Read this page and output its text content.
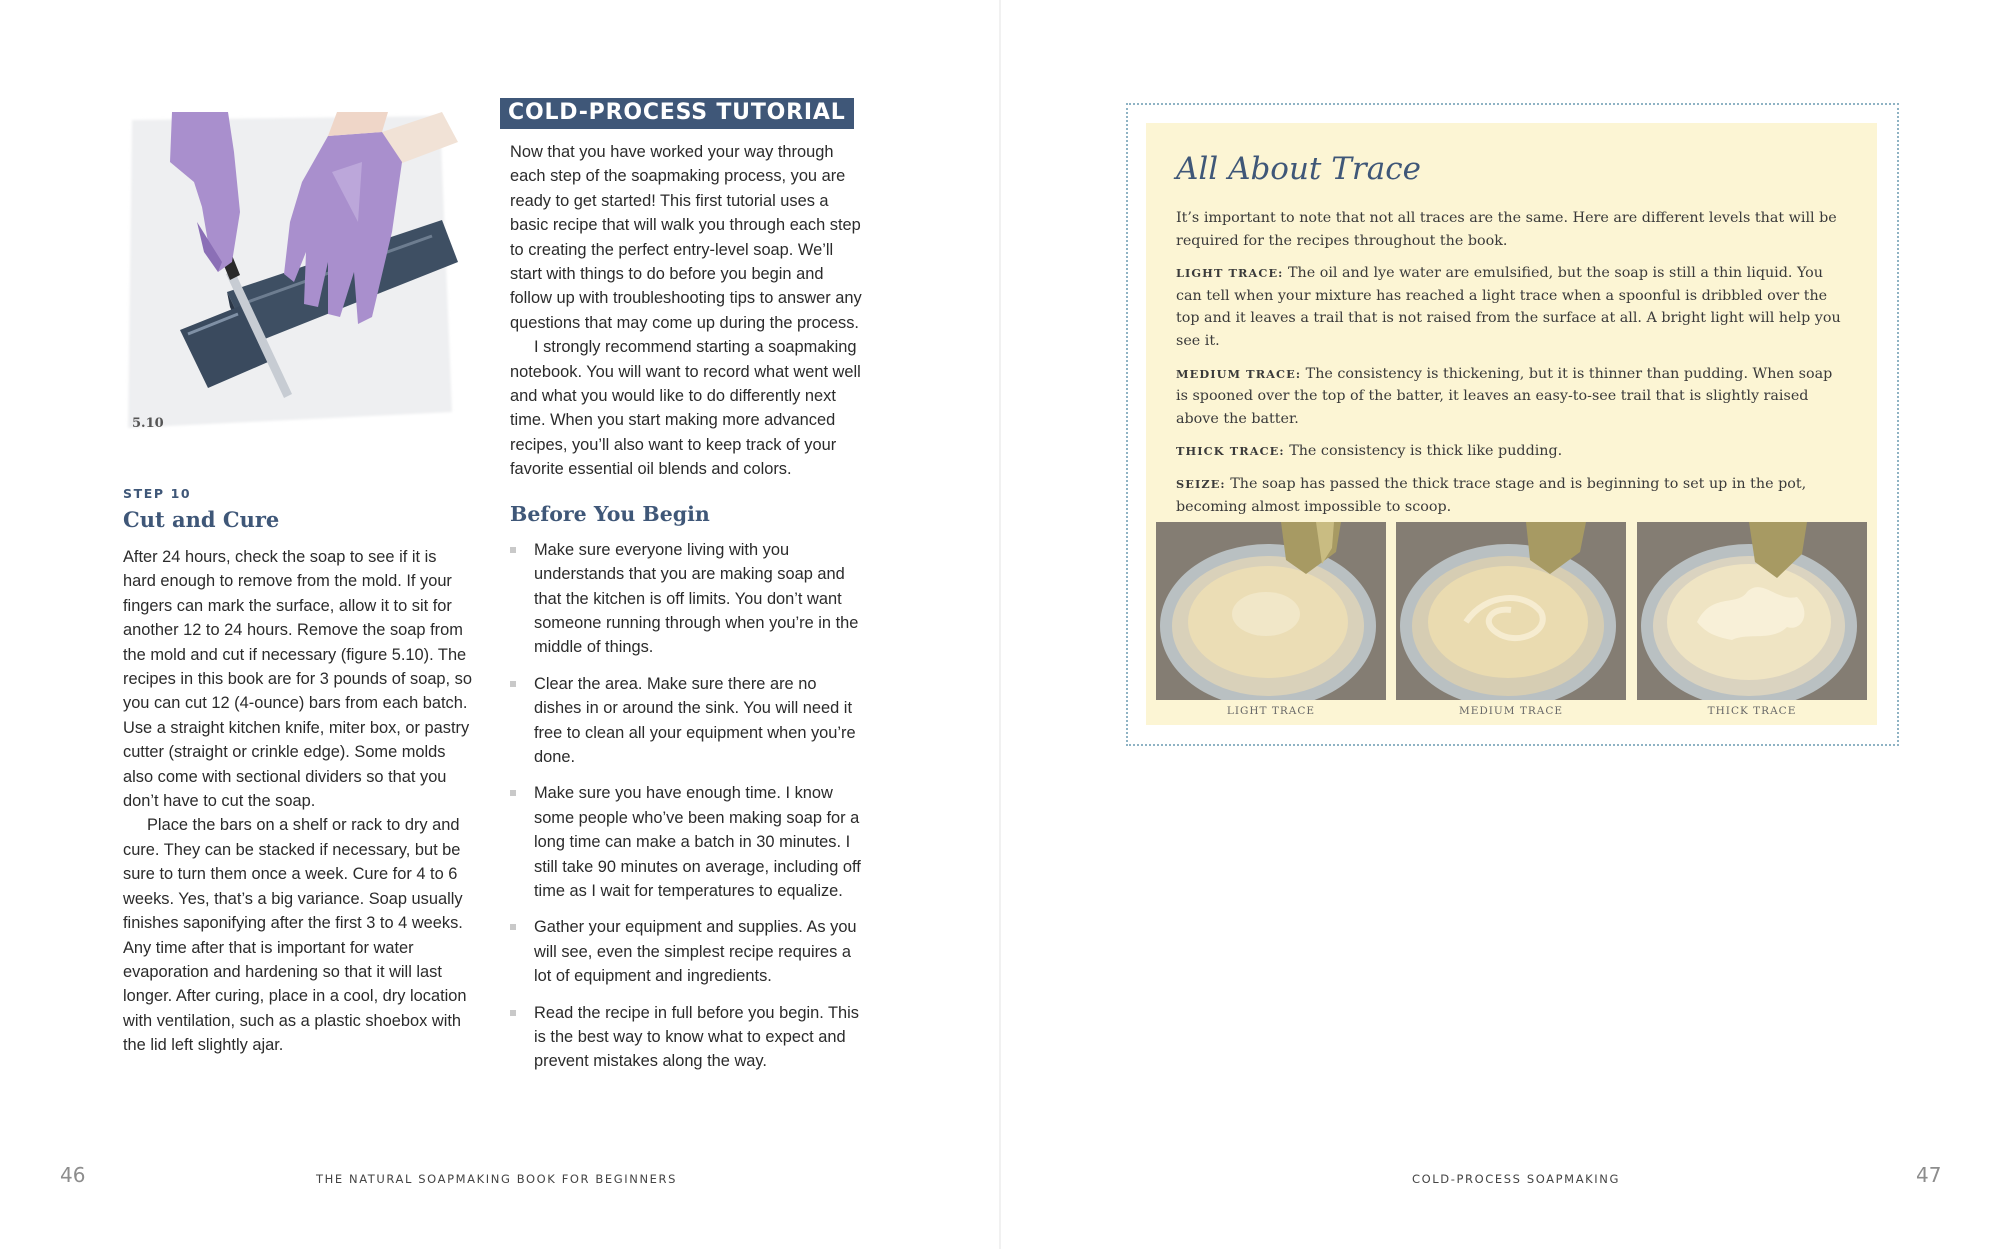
5.10
STEP 10
Cut and Cure

After 24 hours, check the soap to see if it is hard enough to remove from the mold. If your fingers can mark the surface, allow it to sit for another 12 to 24 hours. Remove the soap from the mold and cut if necessary (figure 5.10). The recipes in this book are for 3 pounds of soap, so you can cut 12 (4-ounce) bars from each batch. Use a straight kitchen knife, miter box, or pastry cutter (straight or crinkle edge). Some molds also come with sectional dividers so that you don’t have to cut the soap.

Place the bars on a shelf or rack to dry and cure. They can be stacked if necessary, but be sure to turn them once a week. Cure for 4 to 6 weeks. Yes, that’s a big variance. Soap usually finishes saponifying after the first 3 to 4 weeks. Any time after that is important for water evaporation and hardening so that it will last longer. After curing, place in a cool, dry location with ventilation, such as a plastic shoebox with the lid left slightly ajar.

COLD-PROCESS TUTORIAL

Now that you have worked your way through each step of the soapmaking process, you are ready to get started! This first tutorial uses a basic recipe that will walk you through each step to creating the perfect entry-level soap. We’ll start with things to do before you begin and follow up with troubleshooting tips to answer any questions that may come up during the process.

I strongly recommend starting a soapmaking notebook. You will want to record what went well and what you would like to do differently next time. When you start making more advanced recipes, you’ll also want to keep track of your favorite essential oil blends and colors.

Before You Begin
Make sure everyone living with you understands that you are making soap and that the kitchen is off limits. You don’t want someone running through when you’re in the middle of things.
Clear the area. Make sure there are no dishes in or around the sink. You will need it free to clean all your equipment when you’re done.
Make sure you have enough time. I know some people who’ve been making soap for a long time can make a batch in 30 minutes. I still take 90 minutes on average, including off time as I wait for temperatures to equalize.
Gather your equipment and supplies. As you will see, even the simplest recipe requires a lot of equipment and ingredients.
Read the recipe in full before you begin. This is the best way to know what to expect and prevent mistakes along the way.
46	THE NATURAL SOAPMAKING BOOK FOR BEGINNERS	COLD-PROCESS SOAPMAKING	47
All About Trace

It’s important to note that not all traces are the same. Here are different levels that will be required for the recipes throughout the book.

LIGHT TRACE: The oil and lye water are emulsified, but the soap is still a thin liquid. You can tell when your mixture has reached a light trace when a spoonful is dribbled over the top and it leaves a trail that is not raised from the surface at all. A bright light will help you see it.

MEDIUM TRACE: The consistency is thickening, but it is thinner than pudding. When soap is spooned over the top of the batter, it leaves an easy-to-see trail that is slightly raised above the batter.

THICK TRACE: The consistency is thick like pudding.

SEIZE: The soap has passed the thick trace stage and is beginning to set up in the pot, becoming almost impossible to scoop.

LIGHT TRACE	MEDIUM TRACE	THICK TRACE
